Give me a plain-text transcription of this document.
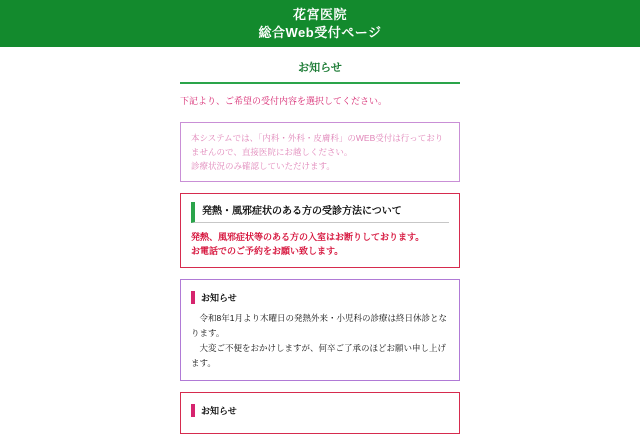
花宮医院
総合Web受付ページ
お知らせ
下記より、ご希望の受付内容を選択してください。
本システムでは、「内科・外科・皮膚科」のWEB受付は行っておりませんので、直接医院にお越しください。
診療状況のみ確認していただけます。
発熱・風邪症状のある方の受診方法について
発熱、風邪症状等のある方の入室はお断りしております。
お電話でのご予約をお願い致します。
お知らせ

令和8年1月より木曜日の発熱外来・小児科の診療は終日休診となります。

大変ご不便をおかけしますが、何卒ご了承のほどお願い申し上げます。

お知らせ
